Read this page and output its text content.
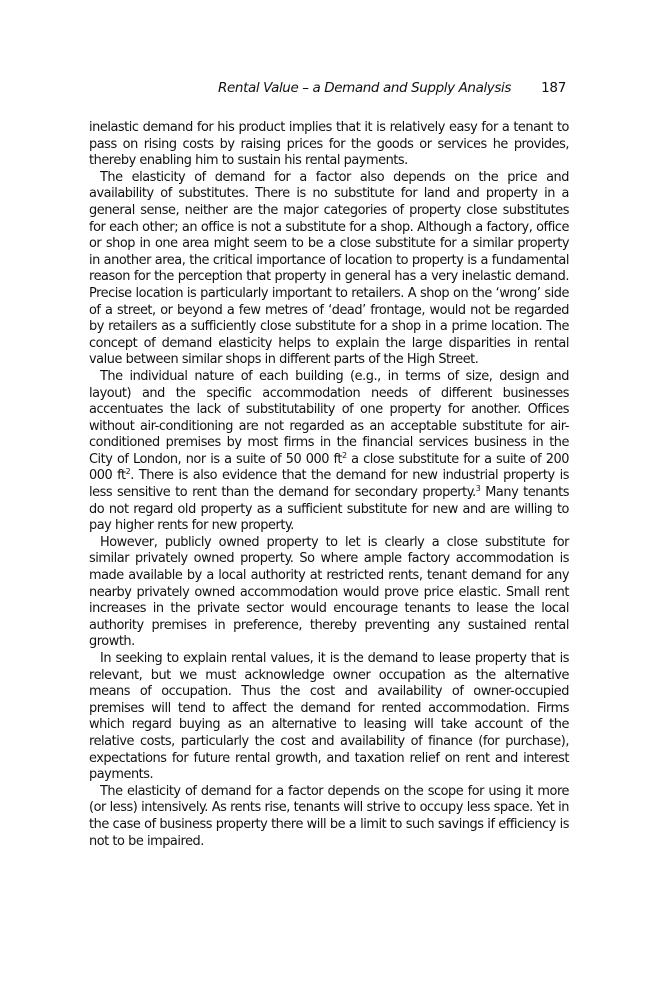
Rental Value – a Demand and Supply Analysis 187

inelastic demand for his product implies that it is relatively easy for a tenant to pass on rising costs by raising prices for the goods or services he provides, thereby enabling him to sustain his rental payments.

The elasticity of demand for a factor also depends on the price and availability of substitutes. There is no substitute for land and property in a general sense, neither are the major categories of property close substitutes for each other; an office is not a substitute for a shop. Although a factory, office or shop in one area might seem to be a close substitute for a similar property in another area, the critical importance of location to property is a fundamental reason for the perception that property in general has a very inelastic demand. Precise location is particularly important to retailers. A shop on the ‘wrong’ side of a street, or beyond a few metres of ‘dead’ frontage, would not be regarded by retailers as a sufficiently close substitute for a shop in a prime location. The concept of demand elasticity helps to explain the large disparities in rental value between similar shops in different parts of the High Street.

The individual nature of each building (e.g., in terms of size, design and layout) and the specific accommodation needs of different businesses accentuates the lack of substitutability of one property for another. Offices without air-conditioning are not regarded as an acceptable substitute for air-conditioned premises by most firms in the financial services business in the City of London, nor is a suite of 50 000 $ft^2$ a close substitute for a suite of 200 000 $ft^2$. There is also evidence that the demand for new industrial property is less sensitive to rent than the demand for secondary property.$^3$ Many tenants do not regard old property as a sufficient substitute for new and are willing to pay higher rents for new property.

However, publicly owned property to let is clearly a close substitute for similar privately owned property. So where ample factory accommodation is made available by a local authority at restricted rents, tenant demand for any nearby privately owned accommodation would prove price elastic. Small rent increases in the private sector would encourage tenants to lease the local authority premises in preference, thereby preventing any sustained rental growth.

In seeking to explain rental values, it is the demand to lease property that is relevant, but we must acknowledge owner occupation as the alternative means of occupation. Thus the cost and availability of owner-occupied premises will tend to affect the demand for rented accommodation. Firms which regard buying as an alternative to leasing will take account of the relative costs, particularly the cost and availability of finance (for purchase), expectations for future rental growth, and taxation relief on rent and interest payments.

The elasticity of demand for a factor depends on the scope for using it more (or less) intensively. As rents rise, tenants will strive to occupy less space. Yet in the case of business property there will be a limit to such savings if efficiency is not to be impaired.
